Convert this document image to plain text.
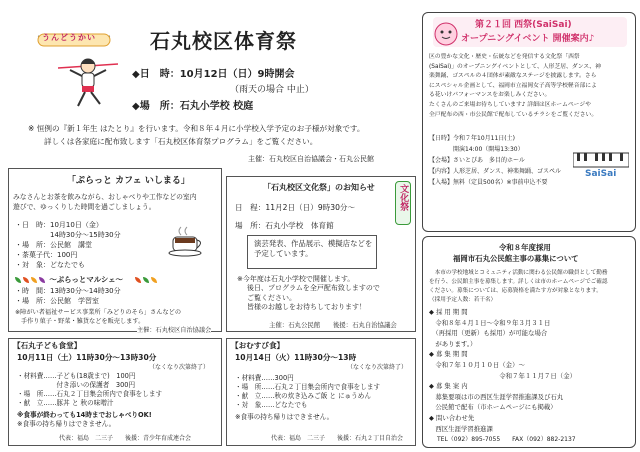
うんどうかい	石丸校区体育祭
◆日　時：10月12日（日）9時開会
（雨天の場合 中止）
◆場　所：石丸小学校 校庭
※ 恒例の『新１年生 はたとり』を行います。令和８年４月に小学校入学予定のお子様が対象です。
詳しくは各家庭に配布致します「石丸校区体育祭プログラム」をご覧ください。
主催：石丸校区自治協議会・石丸公民館
「ぷらっと カフェ いしまる」
みなさんとお茶を飲みながら、おしゃべりや工作などの室内
遊びで、ゆっくりした時間を過ごしましょう。
・日　時：10月10日（金）
　　　　　14時30分～15時30分
・場　所：公民館　講堂
・茶菓子代：100円
・対　象：どなたでも
～ぷらっとマルシェ～
・時　間：13時30分～14時30分
・場　所：公民館　学習室
※障がい者福祉サービス事業所「みどりのそら」さんなどの
手作り菓子・野菜・雑貨などを販売します。
主催：石丸校区自治協議会
「石丸校区文化祭」のお知らせ	文化祭
日　程：11月2日（日）9時30分～
場　所：石丸小学校　体育館
演芸発表、作品展示、模擬店などを
予定しています。
※今年度は石丸小学校で開催します。
後日、プログラムを全戸配布致しますので
ご覧ください。
皆様のお越しをお待ちしております！
主催：石丸公民館　　後援：石丸自治協議会
【石丸子ども食堂】
10月11日（土）11時30分～13時30分
（なくなり次第終了）
・材料費……子ども(18歳まで)　100円
　　　　　　付き添いの保護者　300円
・場　所……石丸２丁目集会所内で食事をします
・献　立……豚丼 と 秋の味噌汁
※食事が終わっても14時までおしゃべりOK!
※食事の持ち帰りはできません。
代表：福島　二三子　　後援：青少年育成連合会
【おむすび食】
10月14日（火）11時30分～13時
（なくなり次第終了）
・材料費……300円
・場　所……石丸２丁目集会所内で食事をします
・献　立……秋の炊き込みご飯 と にゅうめん
・対　象……どなたでも
※食事の持ち帰りはできません。
代表：福島　二三子　　後援：石丸２丁目自治会
第２１回 西祭(SaiSai)
オープニングイベント 開催案内♪
区の豊かな文化・歴史・伝統などを発信する文化祭「西祭
(SaiSai)」のオープニングイベントとして、人形芝居、ダンス、神
楽舞踊、ゴスペルの４団体が素敵なステージを披露します。さら
にスペシャル企画として、福岡市立福岡女子高等学校軽音部によ
る花いけパフォーマンスをお楽しみください。
たくさんのご来場お待ちしています♪ 詳細は区ホームページや
全戸配布の西・市公民館で配布しているチラシをご覧ください。
【日時】令和７年10月11日(土)
　　　　開演14:00（開場13:30）
【会場】さいとぴあ　多目的ホール
【内容】人形芝居、ダンス、神楽舞踊、ゴスペル
【入場】無料（定員500名）※事前申込不要
SaiSai
令和８年度採用
福岡市石丸公民館主事の募集について
　本市の学校地域とコミュニティ活動に関わる公民館の職員として勤務
を行う、公民館主事を募集します。詳しくは市のホームページでご確認
ください。募集については、応募資格を満たす方が対象となります。
（採用予定人数：若干名）
◆ 採 用 期 間
　令和８年４月１日～令和９年３月３１日
　（再採用（更新）も採用）が可能な場合
　があります。）
◆ 募 集 期 間
　令和７年１０月１０日（金）～
　　　　　　　　　　　令和７年１１月７日（金）
◆ 募 集 案 内
　募集要項は市の西区生涯学習推進課及び石丸
　公民館で配布（市ホームページにも掲載）
◆ 問い合わせ先
　西区生涯学習推進課
TEL（092）895-7055　　FAX（092）882-2137
